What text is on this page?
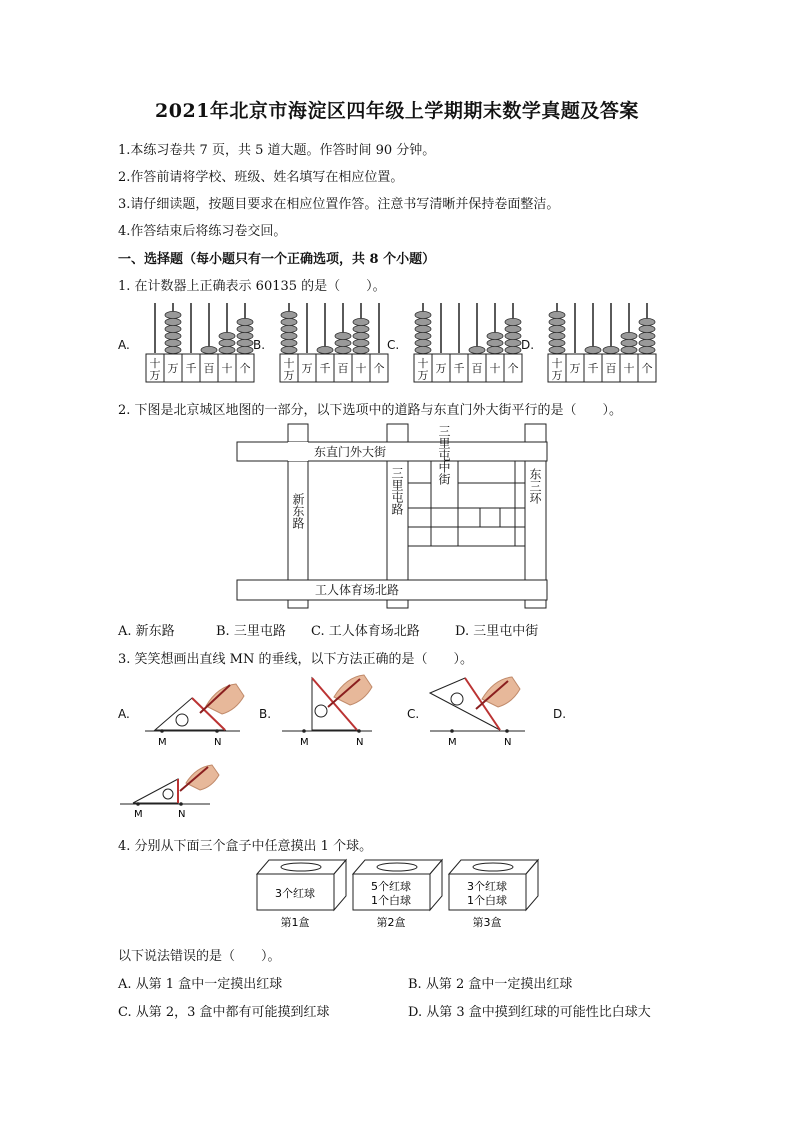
2021年北京市海淀区四年级上学期期末数学真题及答案
1.本练习卷共 7 页，共 5 道大题。作答时间 90 分钟。
2.作答前请将学校、班级、姓名填写在相应位置。
3.请仔细读题，按题目要求在相应位置作答。注意书写清晰并保持卷面整洁。
4.作答结束后将练习卷交回。
一、选择题（每小题只有一个正确选项，共 8 个小题）
1. 在计数器上正确表示 60135 的是（　　）。
A.	B.	C.	D.
十
万
万 千 百 十 个	十
万
万 千 百 十 个	十
万
万 千 百 十 个	十
万
万 千 百 十 个
2. 下图是北京城区地图的一部分，以下选项中的道路与东直门外大街平行的是（　　）。
东直门外大街
工人体育场北路
新东路	三里屯路
三里屯中街
东三环
A. 新东路	B. 三里屯路 C. 工人体育场北路	D. 三里屯中街
3. 笑笑想画出直线 MN 的垂线，以下方法正确的是（　　）。
A.	B.	C.	D.
M	N	M	N	M	N
M	N
4. 分别从下面三个盒子中任意摸出 1 个球。
3个红球
第1盒
5个红球
1个白球
第2盒
3个红球
1个白球
第3盒
以下说法错误的是（　　）。
A. 从第 1 盒中一定摸出红球	B. 从第 2 盒中一定摸出红球
C. 从第 2，3 盒中都有可能摸到红球	D. 从第 3 盒中摸到红球的可能性比白球大
